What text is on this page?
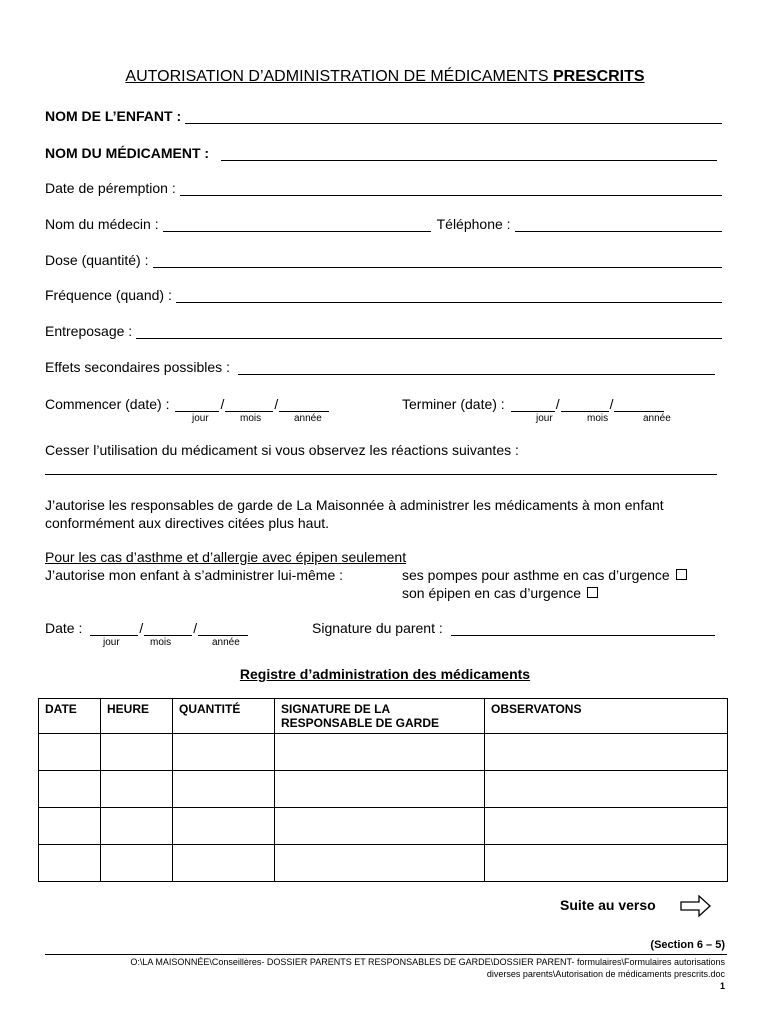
AUTORISATION D’ADMINISTRATION DE MÉDICAMENTS PRESCRITS
NOM DE L’ENFANT :
NOM DU MÉDICAMENT :
Date de péremption :
Nom du médecin :	Téléphone :
Dose (quantité) :
Fréquence (quand) :
Entreposage :
Effets secondaires possibles :
Commencer (date) :	/	/
jour	mois	année
Terminer (date) :	/	/
jour	mois	année
Cesser l’utilisation du médicament si vous observez les réactions suivantes :
J’autorise les responsables de garde de La Maisonnée à administrer les médicaments à mon enfant conformément aux directives citées plus haut.
Pour les cas d’asthme et d’allergie avec épipen seulement
J’autorise mon enfant à s’administrer lui-même :	ses pompes pour asthme en cas d’urgence
son épipen en cas d’urgence
Date :	/	/
jour	mois	année
Signature du parent :
Registre d’administration des médicaments
DATE	HEURE	QUANTITÉ	SIGNATURE DE LA RESPONSABLE DE GARDE	OBSERVATONS

Suite au verso
(Section 6 – 5)
O:\LA MAISONNÉE\Conseillères- DOSSIER PARENTS ET RESPONSABLES DE GARDE\DOSSIER PARENT- formulaires\Formulaires autorisations
diverses parents\Autorisation de médicaments prescrits.doc
1
